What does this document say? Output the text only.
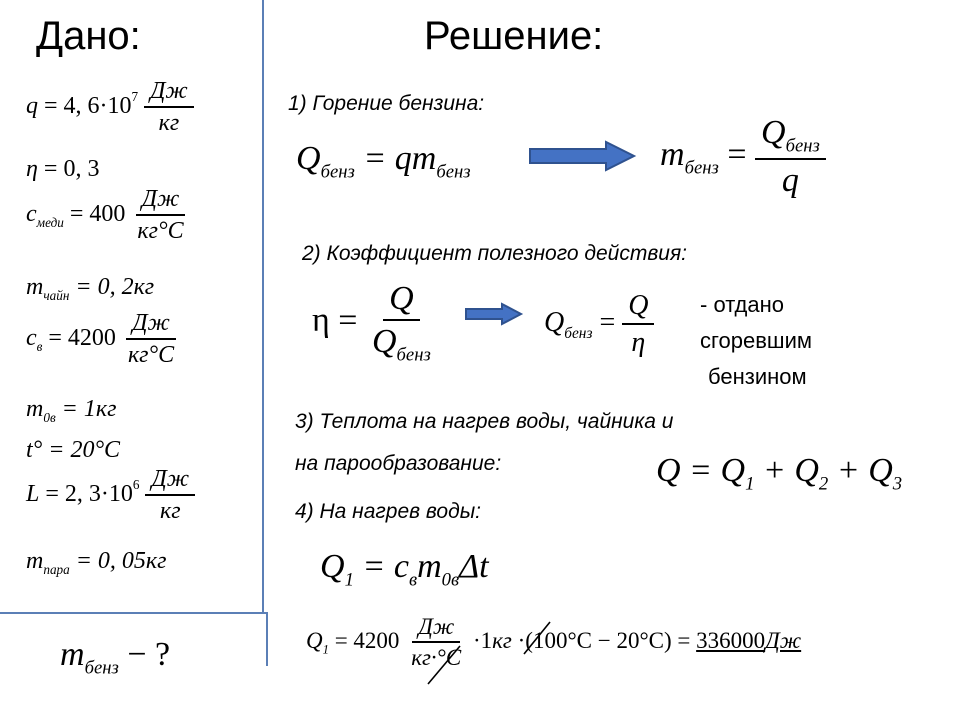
Дано:	Решение:
q = 4, $6\cdot 10^7 \frac{Дж}{кг}$
η = 0, 3
$c_{меди} = 400 \frac{Дж}{кг^\circ C}$
$m_{чайн} = 0$, 2кг
$c_в = 4200 \frac{Дж}{кг^\circ C}$
$m_{0в} = 1кг$
t° = 20°C
L = 2, $3\cdot 10^6 \frac{Дж}{кг}$
$m_{пара} = 0$, 05кг
$m_{бенз}$ − ?
1) Горение бензина:
$Q_{бенз} = qm_{бенз}$	$m_{бенз} = \frac{Q_{бенз}}{q}$
2) Коэффициент полезного действия:
$\eta = \frac{Q}{Q_{бенз}}$	$Q_{бенз} = \frac{Q}{\eta}$ - отдано
сгоревшим
бензином
3) Теплота на нагрев воды, чайника и
на парообразование:	$Q = Q_1 + Q_2 + Q_3$
4) На нагрев воды:
$Q_1 = c_вm_{0в}\Delta t$
$Q_1 = 4200 \frac{Дж}{кг\cdot^\circ C} \cdot 1кг \cdot(100^\circ C - 20^\circ C) = 336000Дж$
